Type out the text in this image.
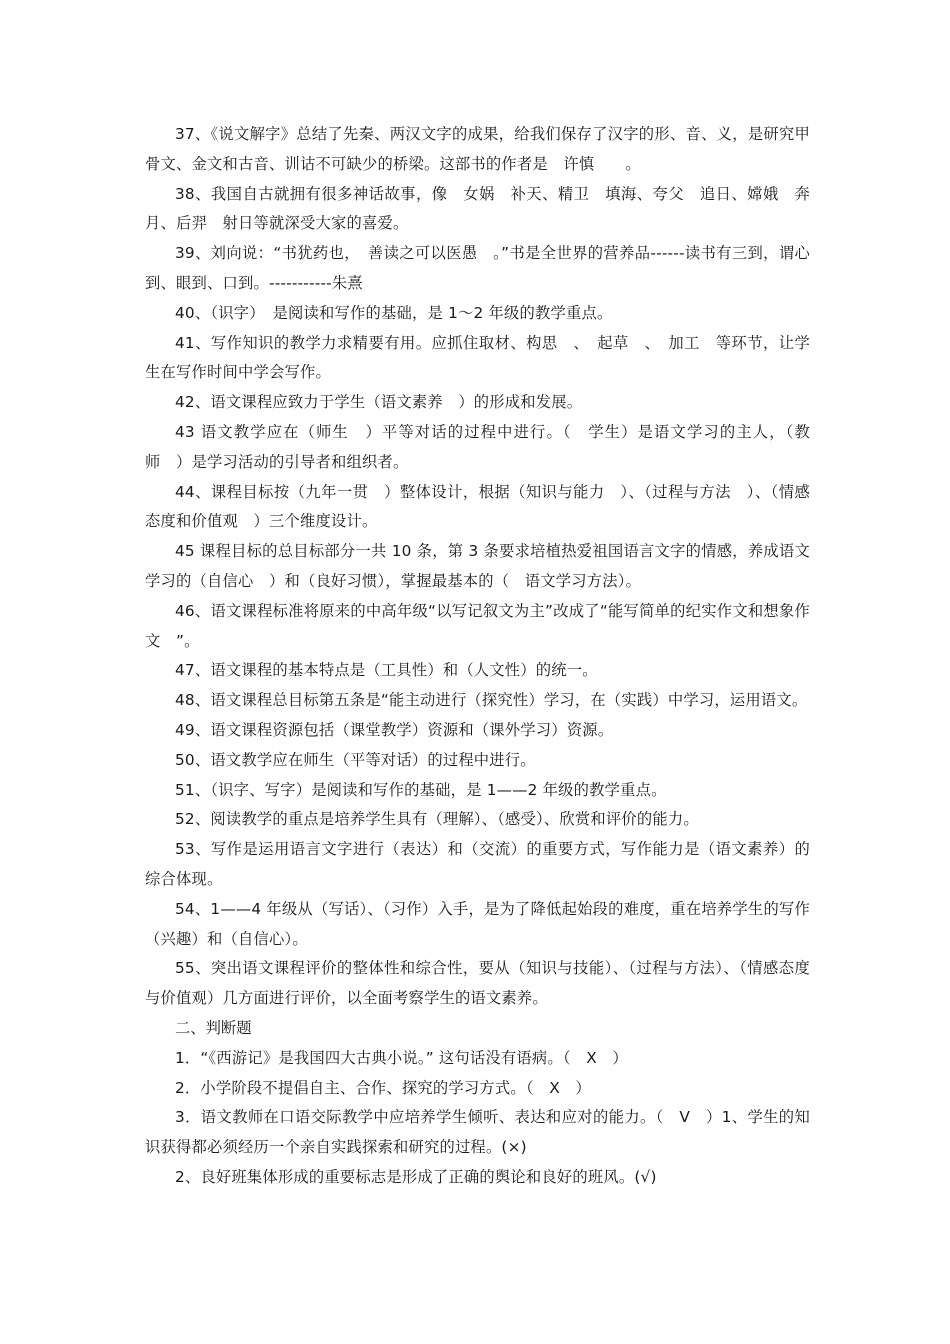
37、《说文解字》总结了先秦、两汉文字的成果，给我们保存了汉字的形、音、义，是研究甲骨文、金文和古音、训诂不可缺少的桥梁。这部书的作者是　许慎　　。

38、我国自古就拥有很多神话故事，像　女娲　补天、精卫　填海、夸父　追日、嫦娥　奔月、后羿　射日等就深受大家的喜爱。

39、刘向说：“书犹药也，　善读之可以医愚　。”书是全世界的营养品------读书有三到，谓心到、眼到、口到。-----------朱熹

40、（识字）　是阅读和写作的基础，是 1～2 年级的教学重点。

41、写作知识的教学力求精要有用。应抓住取材、构思　、　起草　、　加工　等环节，让学生在写作时间中学会写作。

42、语文课程应致力于学生（语文素养　）的形成和发展。

43 语文教学应在（师生　）平等对话的过程中进行。（　学生）是语文学习的主人，（教师　）是学习活动的引导者和组织者。

44、课程目标按（九年一贯　）整体设计，根据（知识与能力　）、（过程与方法　）、（情感态度和价值观　）三个维度设计。

45 课程目标的总目标部分一共 10 条，第 3 条要求培植热爱祖国语言文字的情感，养成语文学习的（自信心　）和（良好习惯），掌握最基本的（　语文学习方法）。

46、语文课程标准将原来的中高年级“以写记叙文为主”改成了“能写简单的纪实作文和想象作文　”。

47、语文课程的基本特点是（工具性）和（人文性）的统一。

48、语文课程总目标第五条是“能主动进行（探究性）学习，在（实践）中学习，运用语文。

49、语文课程资源包括（课堂教学）资源和（课外学习）资源。

50、语文教学应在师生（平等对话）的过程中进行。

51、（识字、写字）是阅读和写作的基础，是 1——2 年级的教学重点。

52、阅读教学的重点是培养学生具有（理解）、（感受）、欣赏和评价的能力。

53、写作是运用语言文字进行（表达）和（交流）的重要方式，写作能力是（语文素养）的综合体现。

54、1——4 年级从（写话）、（习作）入手，是为了降低起始段的难度，重在培养学生的写作（兴趣）和（自信心）。

55、突出语文课程评价的整体性和综合性，要从（知识与技能）、（过程与方法）、（情感态度与价值观）几方面进行评价，以全面考察学生的语文素养。

二、判断题

1．“《西游记》是我国四大古典小说。” 这句话没有语病。（　X　）

2．小学阶段不提倡自主、合作、探究的学习方式。（　X　）

3．语文教师在口语交际教学中应培养学生倾听、表达和应对的能力。（　V　）1、学生的知识获得都必须经历一个亲自实践探索和研究的过程。(×)

2、良好班集体形成的重要标志是形成了正确的舆论和良好的班风。(√)
